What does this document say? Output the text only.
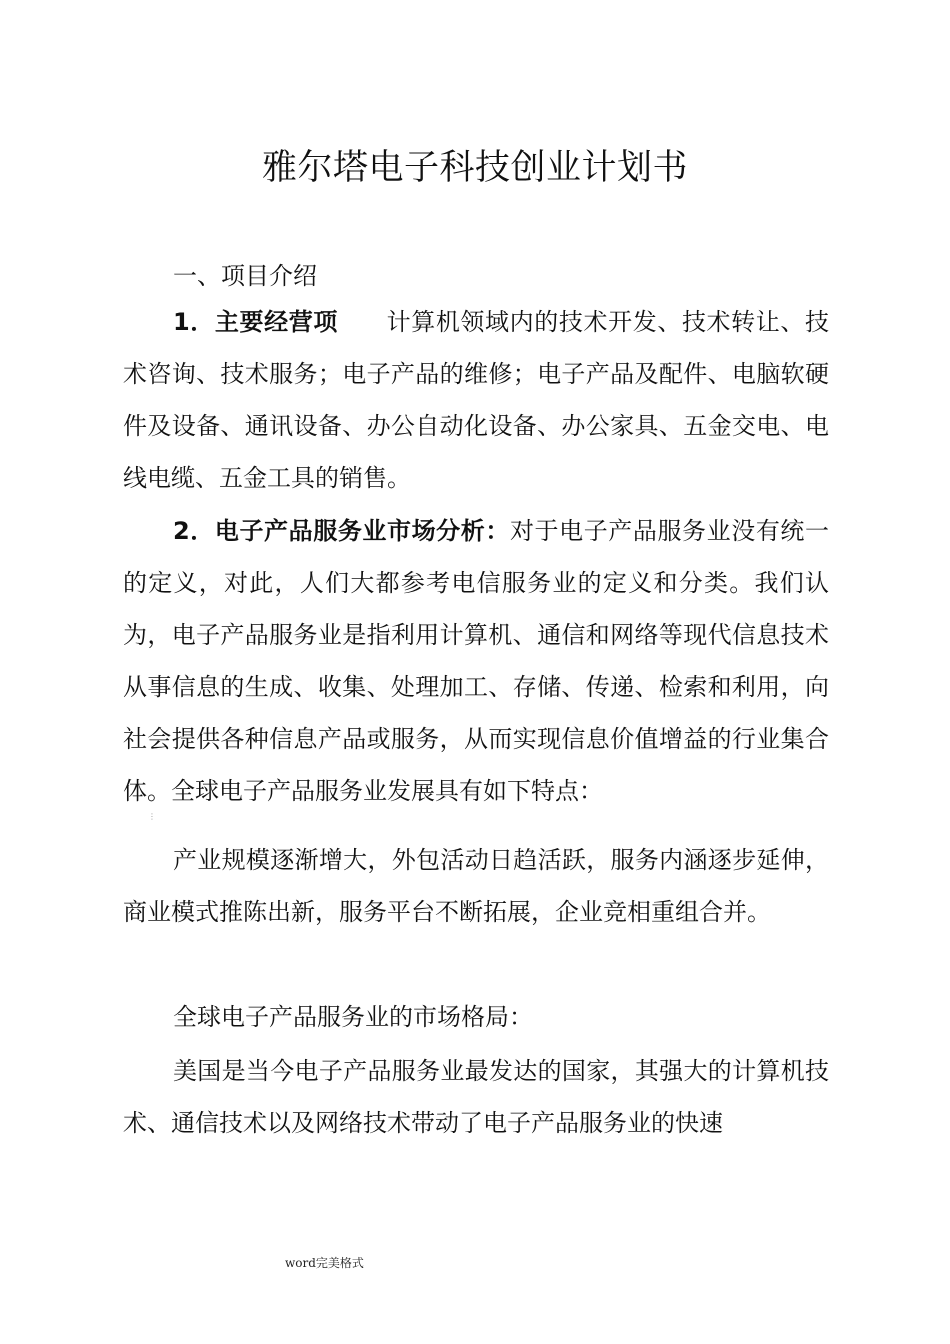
雅尔塔电子科技创业计划书
一、项目介绍
1．主要经营项 计算机领域内的技术开发、技术转让、技术咨询、技术服务；电子产品的维修；电子产品及配件、电脑软硬件及设备、通讯设备、办公自动化设备、办公家具、五金交电、电线电缆、五金工具的销售。
2．电子产品服务业市场分析：对于电子产品服务业没有统一的定义，对此，人们大都参考电信服务业的定义和分类。我们认为，电子产品服务业是指利用计算机、通信和网络等现代信息技术从事信息的生成、收集、处理加工、存储、传递、检索和利用，向社会提供各种信息产品或服务，从而实现信息价值增益的行业集合体。全球电子产品服务业发展具有如下特点：
⋮
产业规模逐渐增大，外包活动日趋活跃，服务内涵逐步延伸，商业模式推陈出新，服务平台不断拓展，企业竞相重组合并。
全球电子产品服务业的市场格局：
美国是当今电子产品服务业最发达的国家，其强大的计算机技术、通信技术以及网络技术带动了电子产品服务业的快速
word完美格式
